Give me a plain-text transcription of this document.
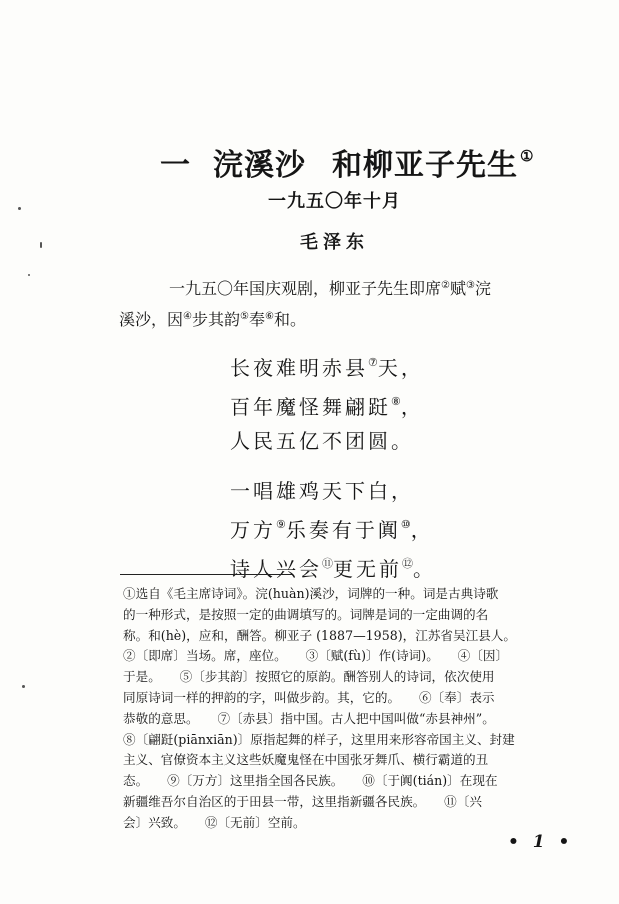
一 浣溪沙 和柳亚子先生 ①
一九五〇年十月
毛泽东
一九五〇年国庆观剧，柳亚子先生即席②赋③浣
溪沙，因④步其韵⑤奉⑥和。
长夜难明赤县⑦天，
百年魔怪舞翩跹⑧，
人民五亿不团圆。
一唱雄鸡天下白，
万方⑨乐奏有于阗⑩，
诗人兴会⑪更无前⑫。
①选自《毛主席诗词》。浣(huàn)溪沙，词牌的一种。词是古典诗歌
的一种形式，是按照一定的曲调填写的。词牌是词的一定曲调的名
称。和(hè)，应和，酬答。柳亚子 (1887—1958)，江苏省吴江县人。
②〔即席〕当场。席，座位。　　③〔赋(fù)〕作(诗词)。　　④〔因〕
于是。　　⑤〔步其韵〕按照它的原韵。酬答别人的诗词，依次使用
同原诗词一样的押韵的字，叫做步韵。其，它的。　　⑥〔奉〕表示
恭敬的意思。　　⑦〔赤县〕指中国。古人把中国叫做“赤县神州”。
⑧〔翩跹(piānxiān)〕原指起舞的样子，这里用来形容帝国主义、封建
主义、官僚资本主义这些妖魔鬼怪在中国张牙舞爪、横行霸道的丑
态。　　⑨〔万方〕这里指全国各民族。　　⑩〔于阗(tián)〕在现在
新疆维吾尔自治区的于田县一带，这里指新疆各民族。　　⑪〔兴
会〕兴致。　　⑫〔无前〕空前。
• 1 •
